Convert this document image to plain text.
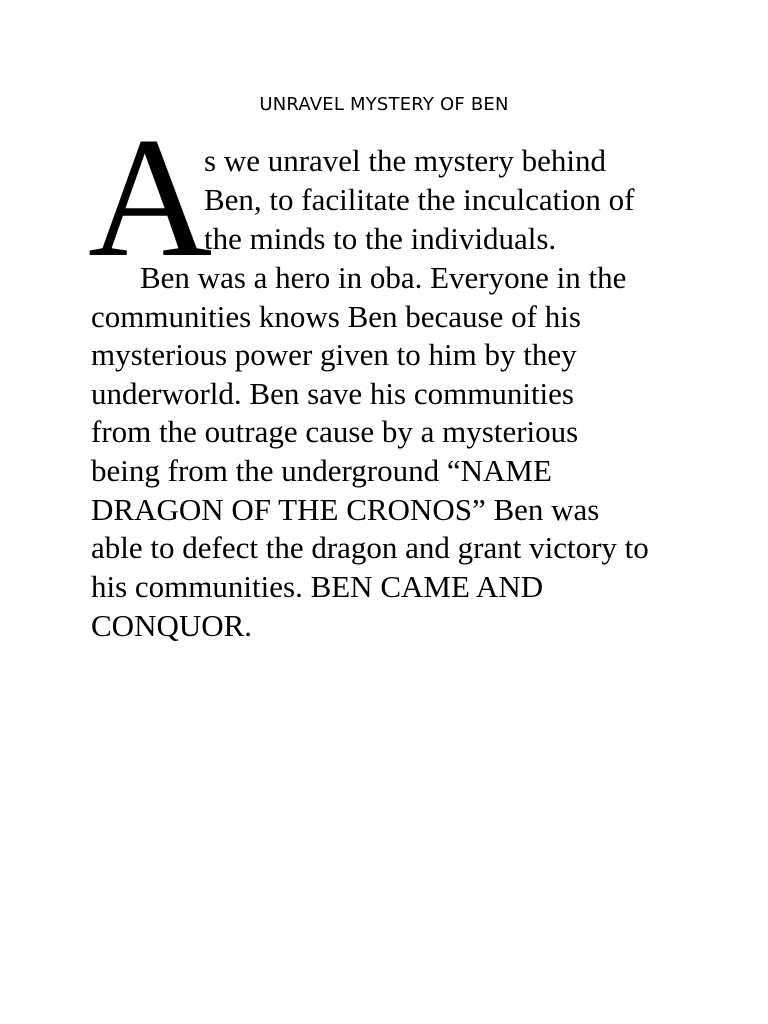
UNRAVEL MYSTERY OF BEN
A
s we unravel the mystery behind
Ben, to facilitate the inculcation of
the minds to the individuals.
Ben was a hero in oba. Everyone in the
communities knows Ben because of his
mysterious power given to him by they
underworld. Ben save his communities
from the outrage cause by a mysterious
being from the underground “NAME
DRAGON OF THE CRONOS” Ben was
able to defect the dragon and grant victory to
his communities. BEN CAME AND
CONQUOR.
